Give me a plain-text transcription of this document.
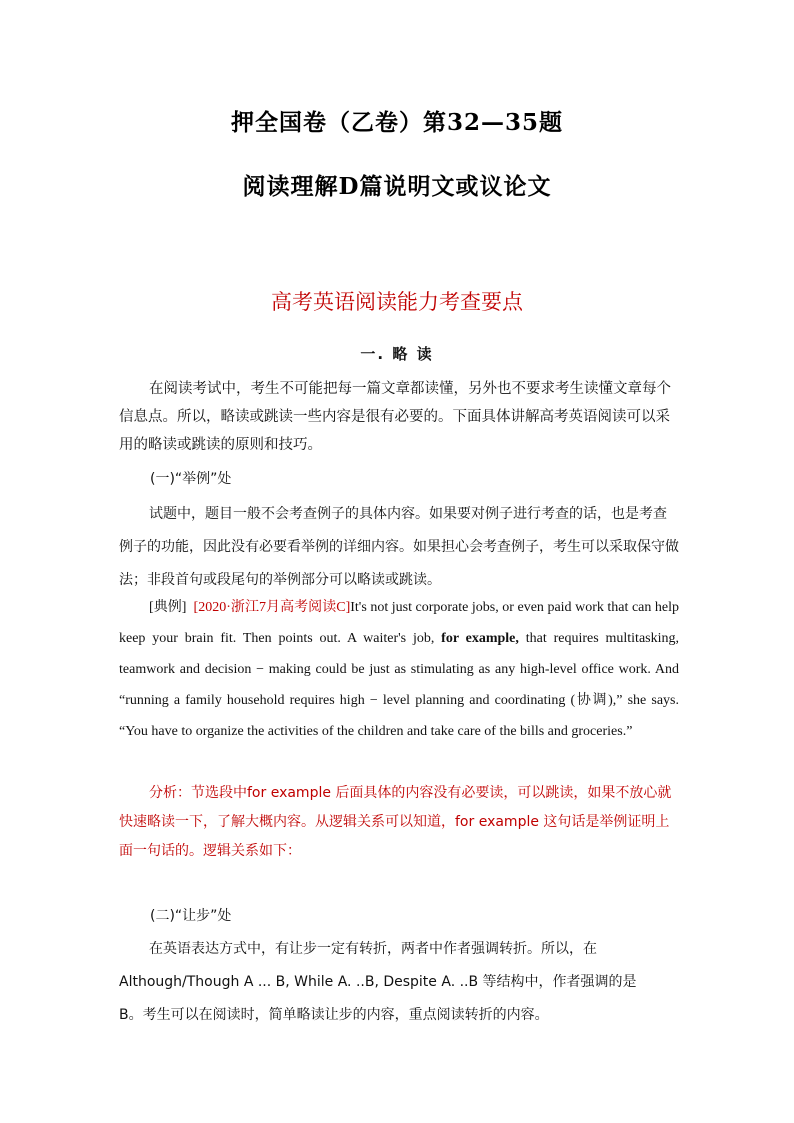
押全国卷（乙卷）第32—35题
阅读理解D篇说明文或议论文
高考英语阅读能力考查要点
一. 略 读
在阅读考试中，考生不可能把每一篇文章都读懂，另外也不要求考生读懂文章每个信息点。所以，略读或跳读一些内容是很有必要的。下面具体讲解高考英语阅读可以采用的略读或跳读的原则和技巧。
(一)“举例”处
试题中，题目一般不会考查例子的具体内容。如果要对例子进行考查的话，也是考查例子的功能，因此没有必要看举例的详细内容。如果担心会考查例子，考生可以采取保守做法；非段首句或段尾句的举例部分可以略读或跳读。
[典例] [2020·浙江7月高考阅读C]It's not just corporate jobs, or even paid work that can help keep your brain fit. Then points out. A waiter's job, for example, that requires multitasking, teamwork and decision − making could be just as stimulating as any high-level office work. And “running a family household requires high − level planning and coordinating (协调),” she says. “You have to organize the activities of the children and take care of the bills and groceries.”
分析：节选段中for example 后面具体的内容没有必要读，可以跳读，如果不放心就快速略读一下，了解大概内容。从逻辑关系可以知道，for example 这句话是举例证明上面一句话的。逻辑关系如下：
(二)“让步”处
在英语表达方式中，有让步一定有转折，两者中作者强调转折。所以，在
Although/Though A ... B, While A. ..B, Despite A. ..B 等结构中，作者强调的是
B。考生可以在阅读时，简单略读让步的内容，重点阅读转折的内容。
